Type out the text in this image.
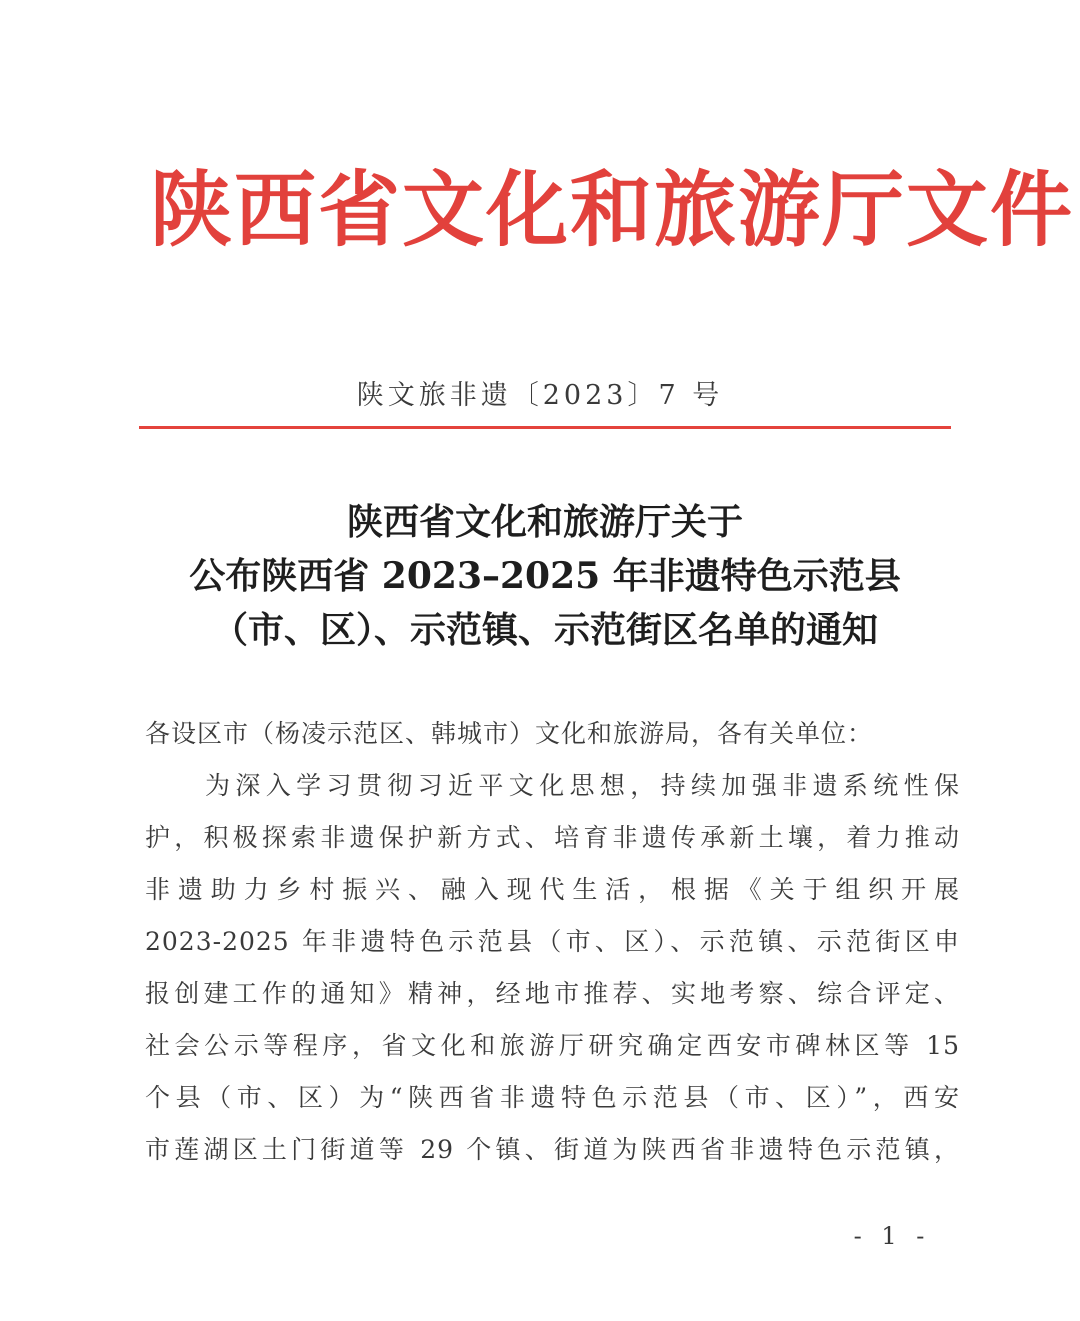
陕西省文化和旅游厅文件
陕文旅非遗〔2023〕7 号
陕西省文化和旅游厅关于
公布陕西省 2023–2025 年非遗特色示范县
（市、区）、示范镇、示范街区名单的通知
各设区市（杨凌示范区、韩城市）文化和旅游局，各有关单位：
为深入学习贯彻习近平文化思想，持续加强非遗系统性保
护，积极探索非遗保护新方式、培育非遗传承新土壤，着力推动
非遗助力乡村振兴、融入现代生活，根据《关于组织开展
2023-2025 年非遗特色示范县（市、区）、示范镇、示范街区申
报创建工作的通知》精神，经地市推荐、实地考察、综合评定、
社会公示等程序，省文化和旅游厅研究确定西安市碑林区等 15
个县（市、区）为“陕西省非遗特色示范县（市、区）”，西安
市莲湖区土门街道等 29 个镇、街道为陕西省非遗特色示范镇，
- 1 -
